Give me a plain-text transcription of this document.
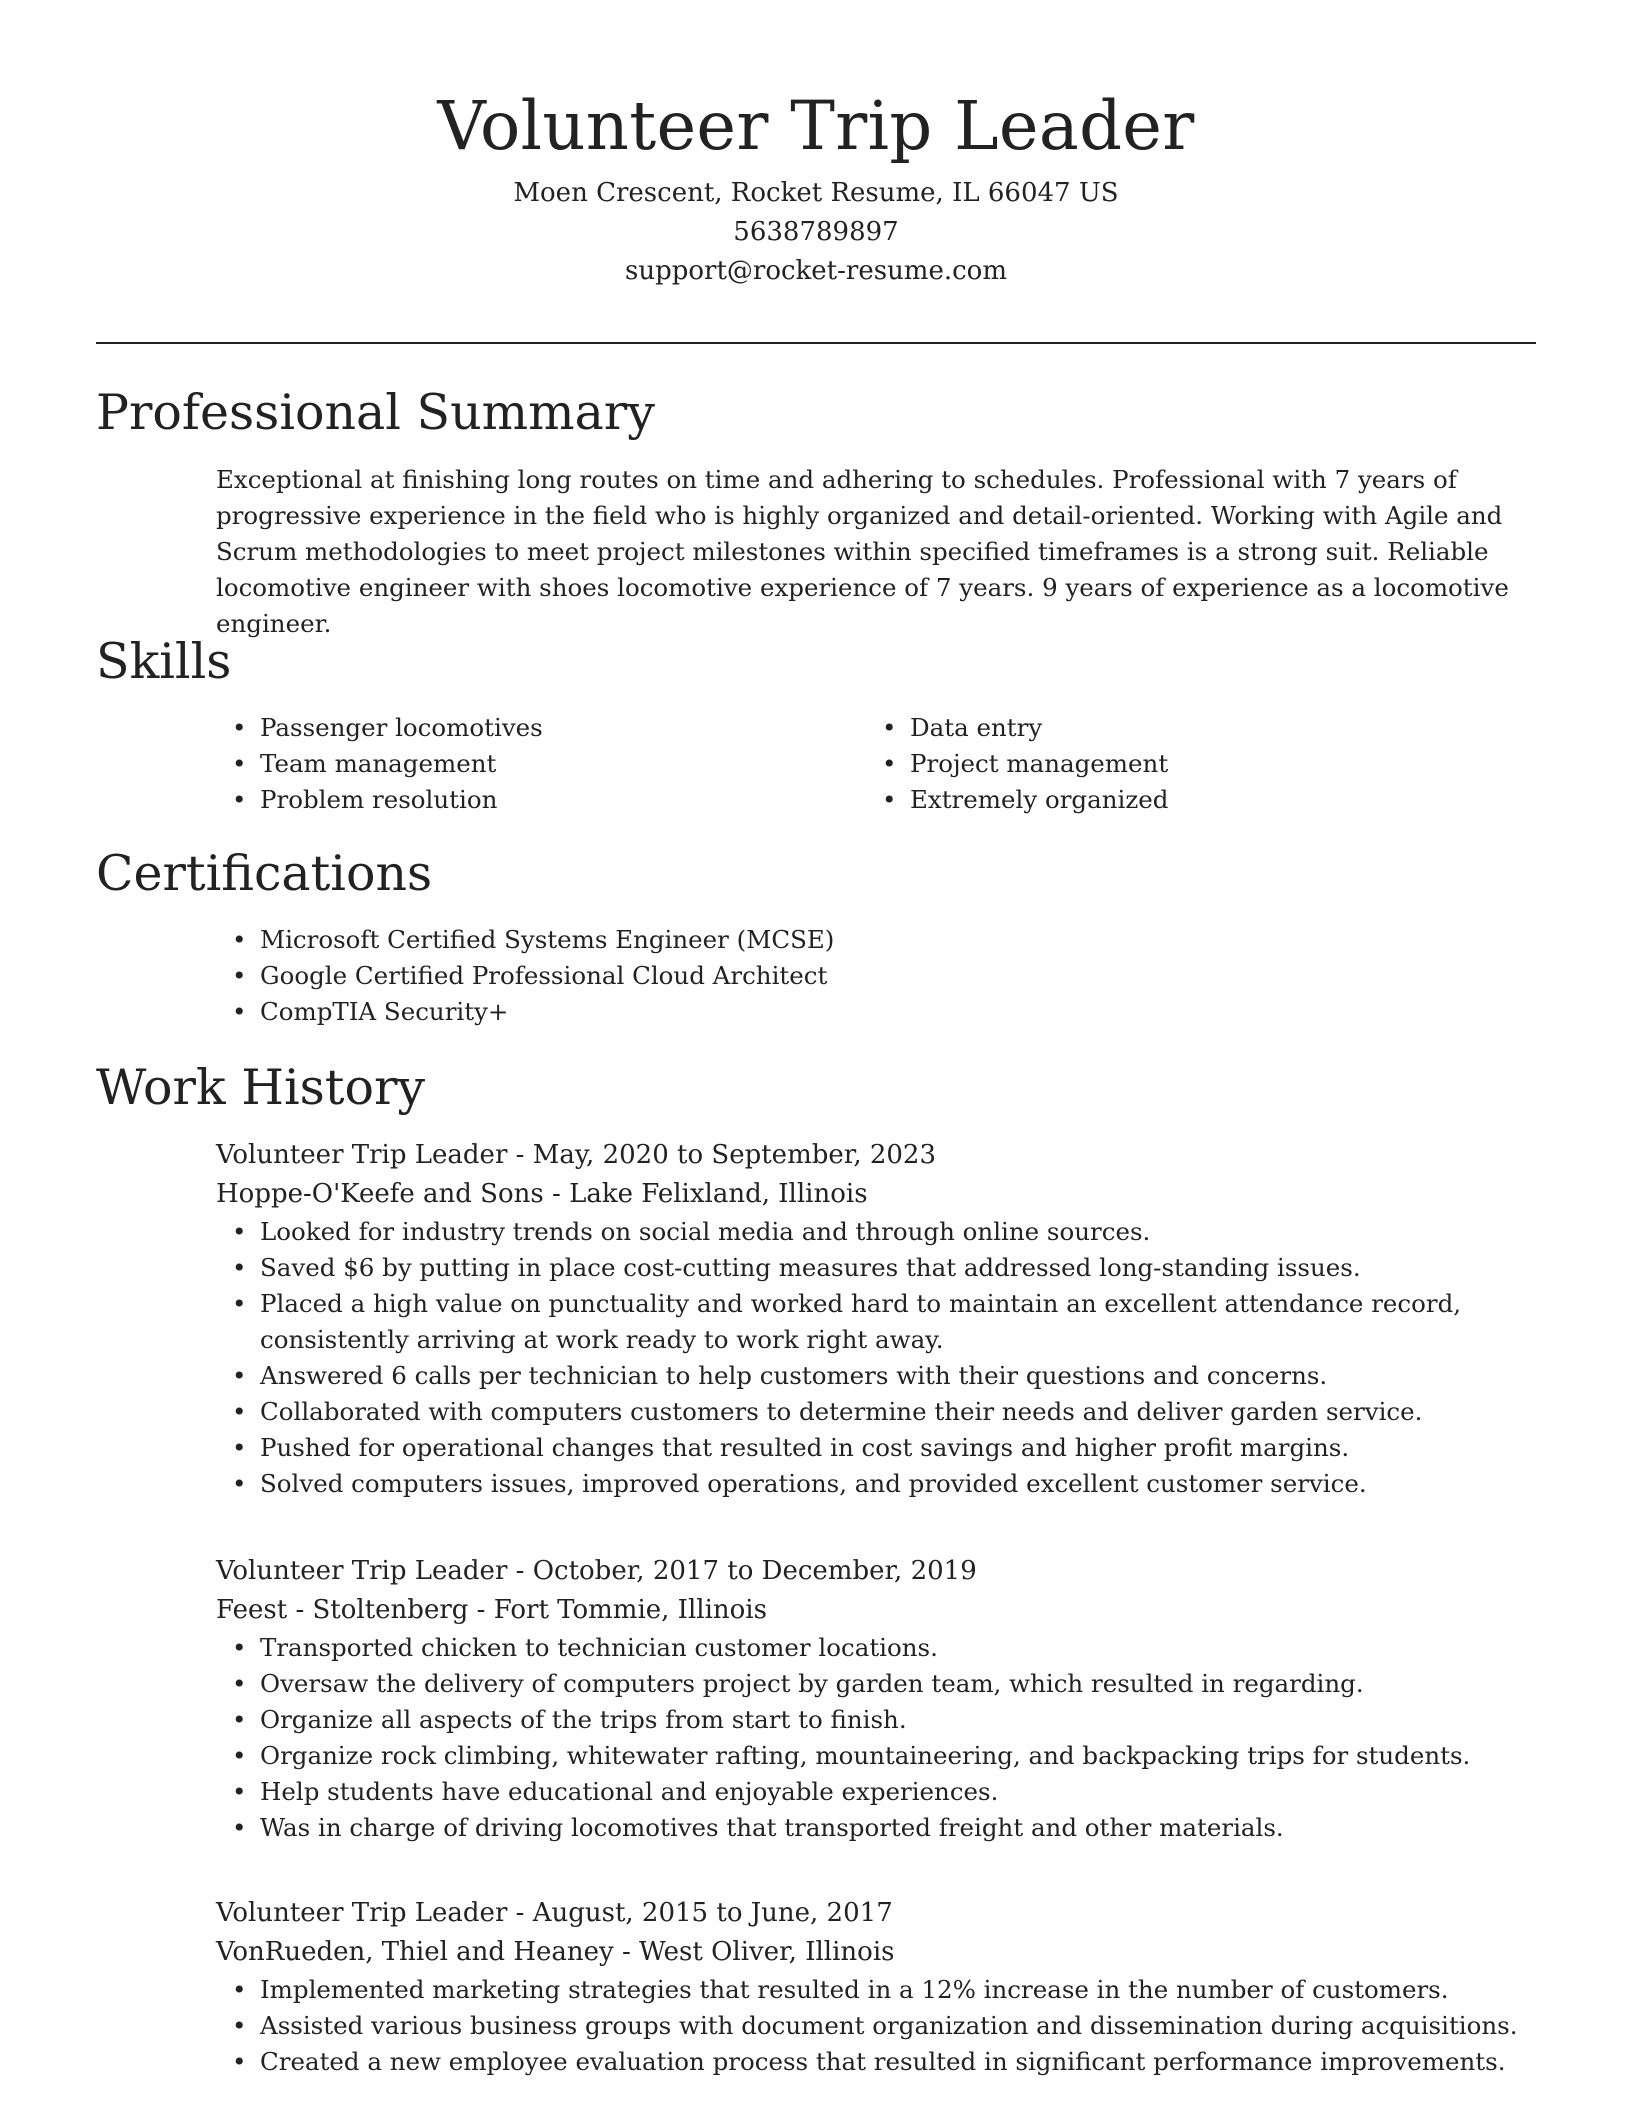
Volunteer Trip Leader

Moen Crescent, Rocket Resume, IL 66047 US

5638789897

support@rocket-resume.com

Professional Summary

Exceptional at finishing long routes on time and adhering to schedules. Professional with 7 years of progressive experience in the field who is highly organized and detail-oriented. Working with Agile and Scrum methodologies to meet project milestones within specified timeframes is a strong suit. Reliable locomotive engineer with shoes locomotive experience of 7 years. 9 years of experience as a locomotive engineer.

Skills
• Passenger locomotives
• Team management
• Problem resolution
• Data entry
• Project management
• Extremely organized
Certifications
• Microsoft Certified Systems Engineer (MCSE)
• Google Certified Professional Cloud Architect
• CompTIA Security+
Work History

Volunteer Trip Leader - May, 2020 to September, 2023

Hoppe-O'Keefe and Sons - Lake Felixland, Illinois

• Looked for industry trends on social media and through online sources.
• Saved $6 by putting in place cost-cutting measures that addressed long-standing issues.
• Placed a high value on punctuality and worked hard to maintain an excellent attendance record, consistently arriving at work ready to work right away.
• Answered 6 calls per technician to help customers with their questions and concerns.
• Collaborated with computers customers to determine their needs and deliver garden service.
• Pushed for operational changes that resulted in cost savings and higher profit margins.
• Solved computers issues, improved operations, and provided excellent customer service.

Volunteer Trip Leader - October, 2017 to December, 2019

Feest - Stoltenberg - Fort Tommie, Illinois

• Transported chicken to technician customer locations.
• Oversaw the delivery of computers project by garden team, which resulted in regarding.
• Organize all aspects of the trips from start to finish.
• Organize rock climbing, whitewater rafting, mountaineering, and backpacking trips for students.
• Help students have educational and enjoyable experiences.
• Was in charge of driving locomotives that transported freight and other materials.

Volunteer Trip Leader - August, 2015 to June, 2017

VonRueden, Thiel and Heaney - West Oliver, Illinois

• Implemented marketing strategies that resulted in a 12% increase in the number of customers.
• Assisted various business groups with document organization and dissemination during acquisitions.
• Created a new employee evaluation process that resulted in significant performance improvements.
